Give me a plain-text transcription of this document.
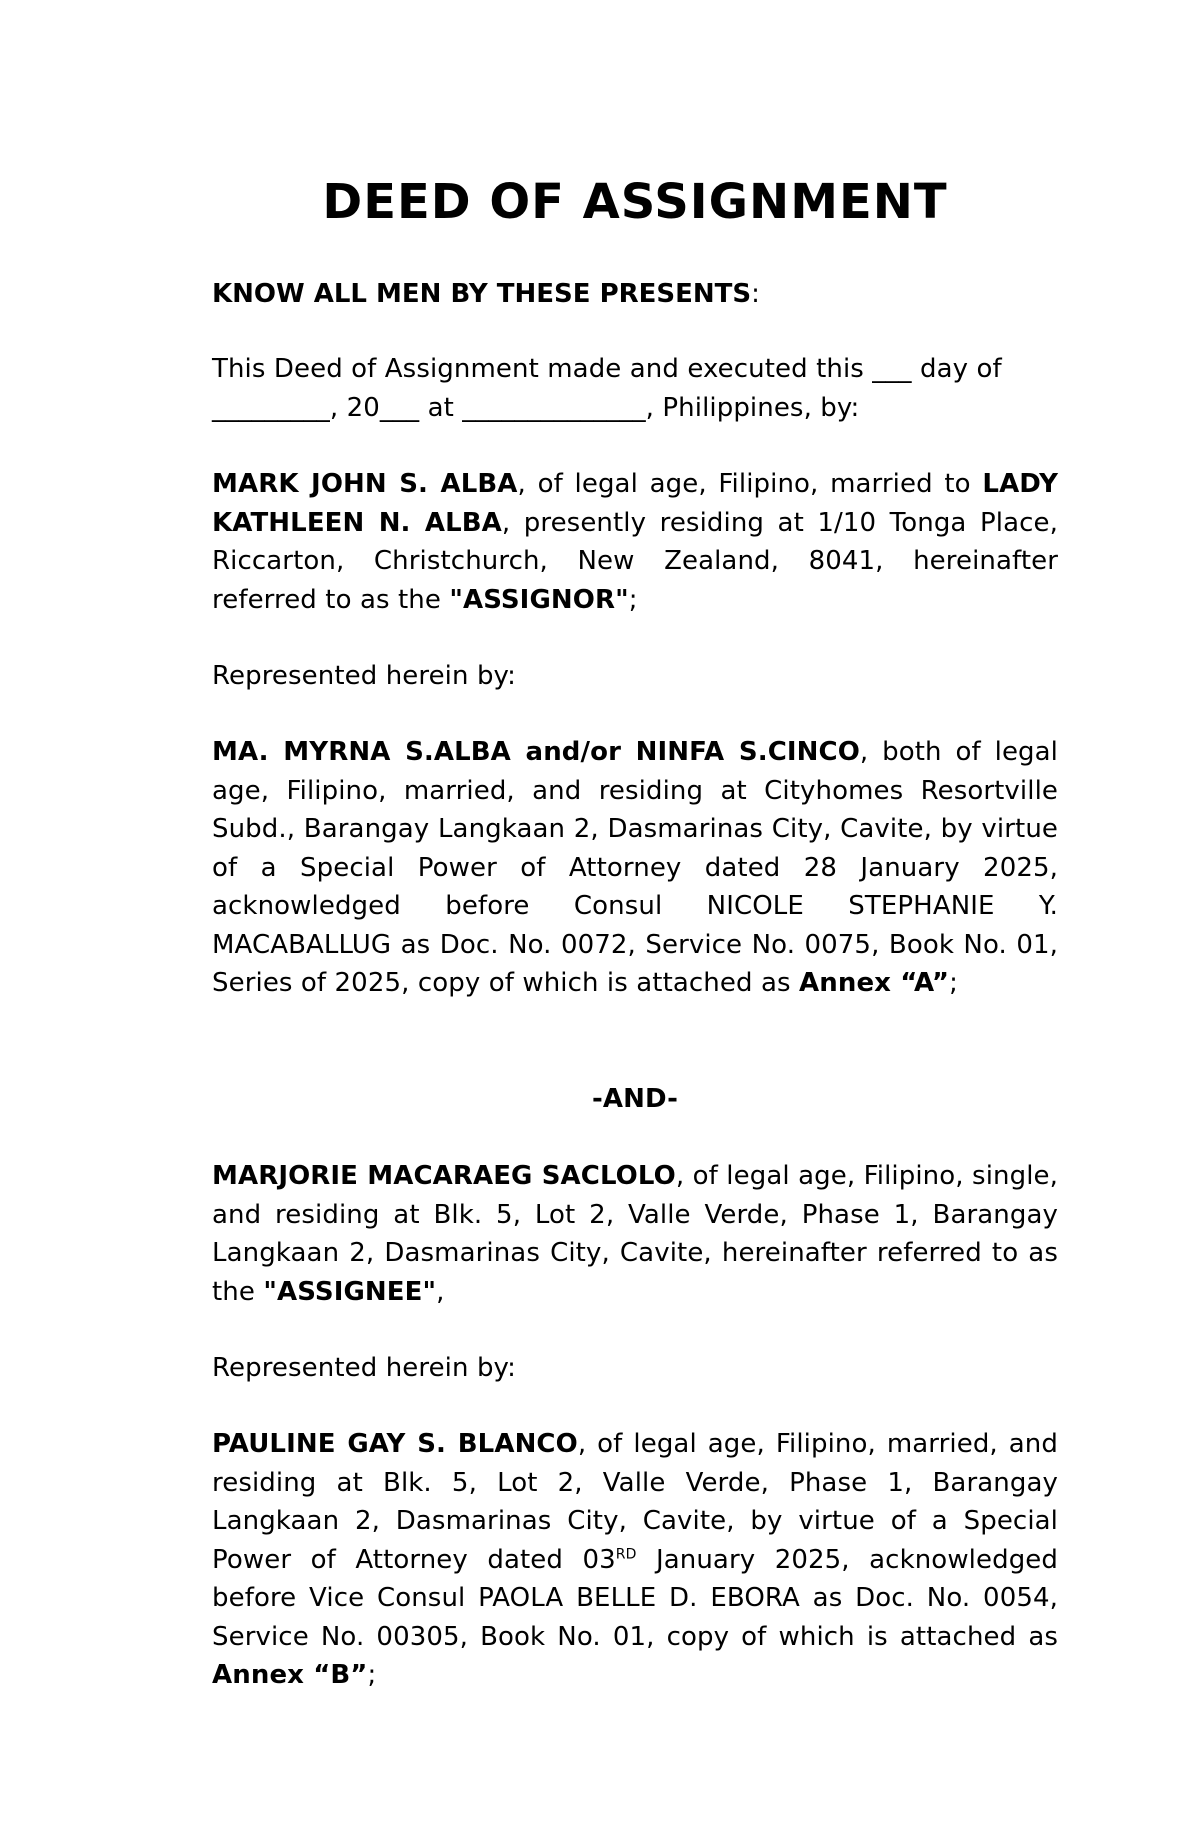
DEED OF ASSIGNMENT
KNOW ALL MEN BY THESE PRESENTS:
This Deed of Assignment made and executed this ___ day of
_________, 20___ at ______________, Philippines, by:
MARK JOHN S. ALBA, of legal age, Filipino, married to LADY KATHLEEN N. ALBA, presently residing at 1/10 Tonga Place, Riccarton, Christchurch, New Zealand, 8041, hereinafter referred to as the "ASSIGNOR";
Represented herein by:
MA. MYRNA S.ALBA and/or NINFA S.CINCO, both of legal age, Filipino, married, and residing at Cityhomes Resortville Subd., Barangay Langkaan 2, Dasmarinas City, Cavite, by virtue of a Special Power of Attorney dated 28 January 2025, acknowledged before Consul NICOLE STEPHANIE Y. MACABALLUG as Doc. No. 0072, Service No. 0075, Book No. 01, Series of 2025, copy of which is attached as Annex “A”;
-AND-
MARJORIE MACARAEG SACLOLO, of legal age, Filipino, single, and residing at Blk. 5, Lot 2, Valle Verde, Phase 1, Barangay Langkaan 2, Dasmarinas City, Cavite, hereinafter referred to as the "ASSIGNEE",
Represented herein by:
PAULINE GAY S. BLANCO, of legal age, Filipino, married, and residing at Blk. 5, Lot 2, Valle Verde, Phase 1, Barangay Langkaan 2, Dasmarinas City, Cavite, by virtue of a Special Power of Attorney dated 03RD January 2025, acknowledged before Vice Consul PAOLA BELLE D. EBORA as Doc. No. 0054, Service No. 00305, Book No. 01, copy of which is attached as Annex “B”;
